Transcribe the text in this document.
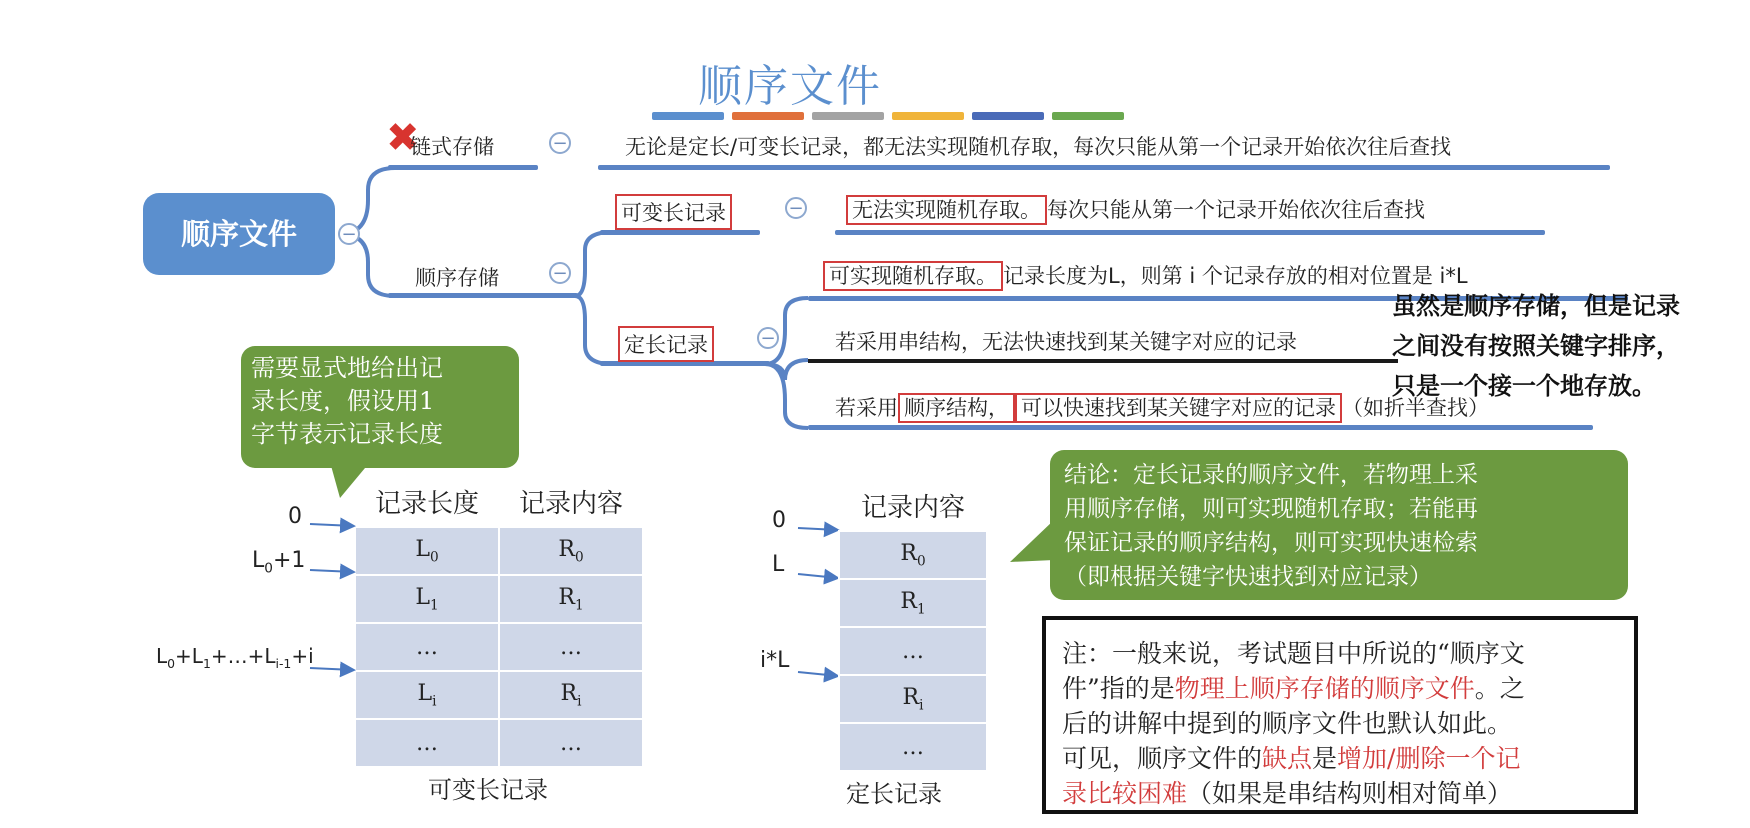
顺序文件
顺序文件	−
✖
链式存储	−	无论是定长/可变长记录，都无法实现随机存取，每次只能从第一个记录开始依次往后查找
顺序存储	−
可变长记录	− 无法实现随机存取。 每次只能从第一个记录开始依次往后查找
定长记录	−
可实现随机存取。 记录长度为L，则第 i 个记录存放的相对位置是 i*L
若采用串结构，无法快速找到某关键字对应的记录
若采用 顺序结构， 可以快速找到某关键字对应的记录 （如折半查找）
虽然是顺序存储，但是记录
之间没有按照关键字排序，
只是一个接一个地存放。
需要显式地给出记
录长度，假设用1
字节表示记录长度
结论：定长记录的顺序文件，若物理上采
用顺序存储，则可实现随机存取；若能再
保证记录的顺序结构，则可实现快速检索
（即根据关键字快速找到对应记录）
记录长度	记录内容
$L_0$	$R_0$
$L_1$	$R_1$
…	…
$L_i$	$R_i$
…	…
可变长记录
0
$L_0+1$
$L_0+L_1+\dots+L_{i-1}+i$
记录内容
$R_0$
$R_1$
…
$R_i$
…
定长记录
0
L
i*L	注：一般来说，考试题目中所说的“顺序文
件”指的是物理上顺序存储的顺序文件。之
后的讲解中提到的顺序文件也默认如此。
可见，顺序文件的缺点是增加/删除一个记
录比较困难（如果是串结构则相对简单）
